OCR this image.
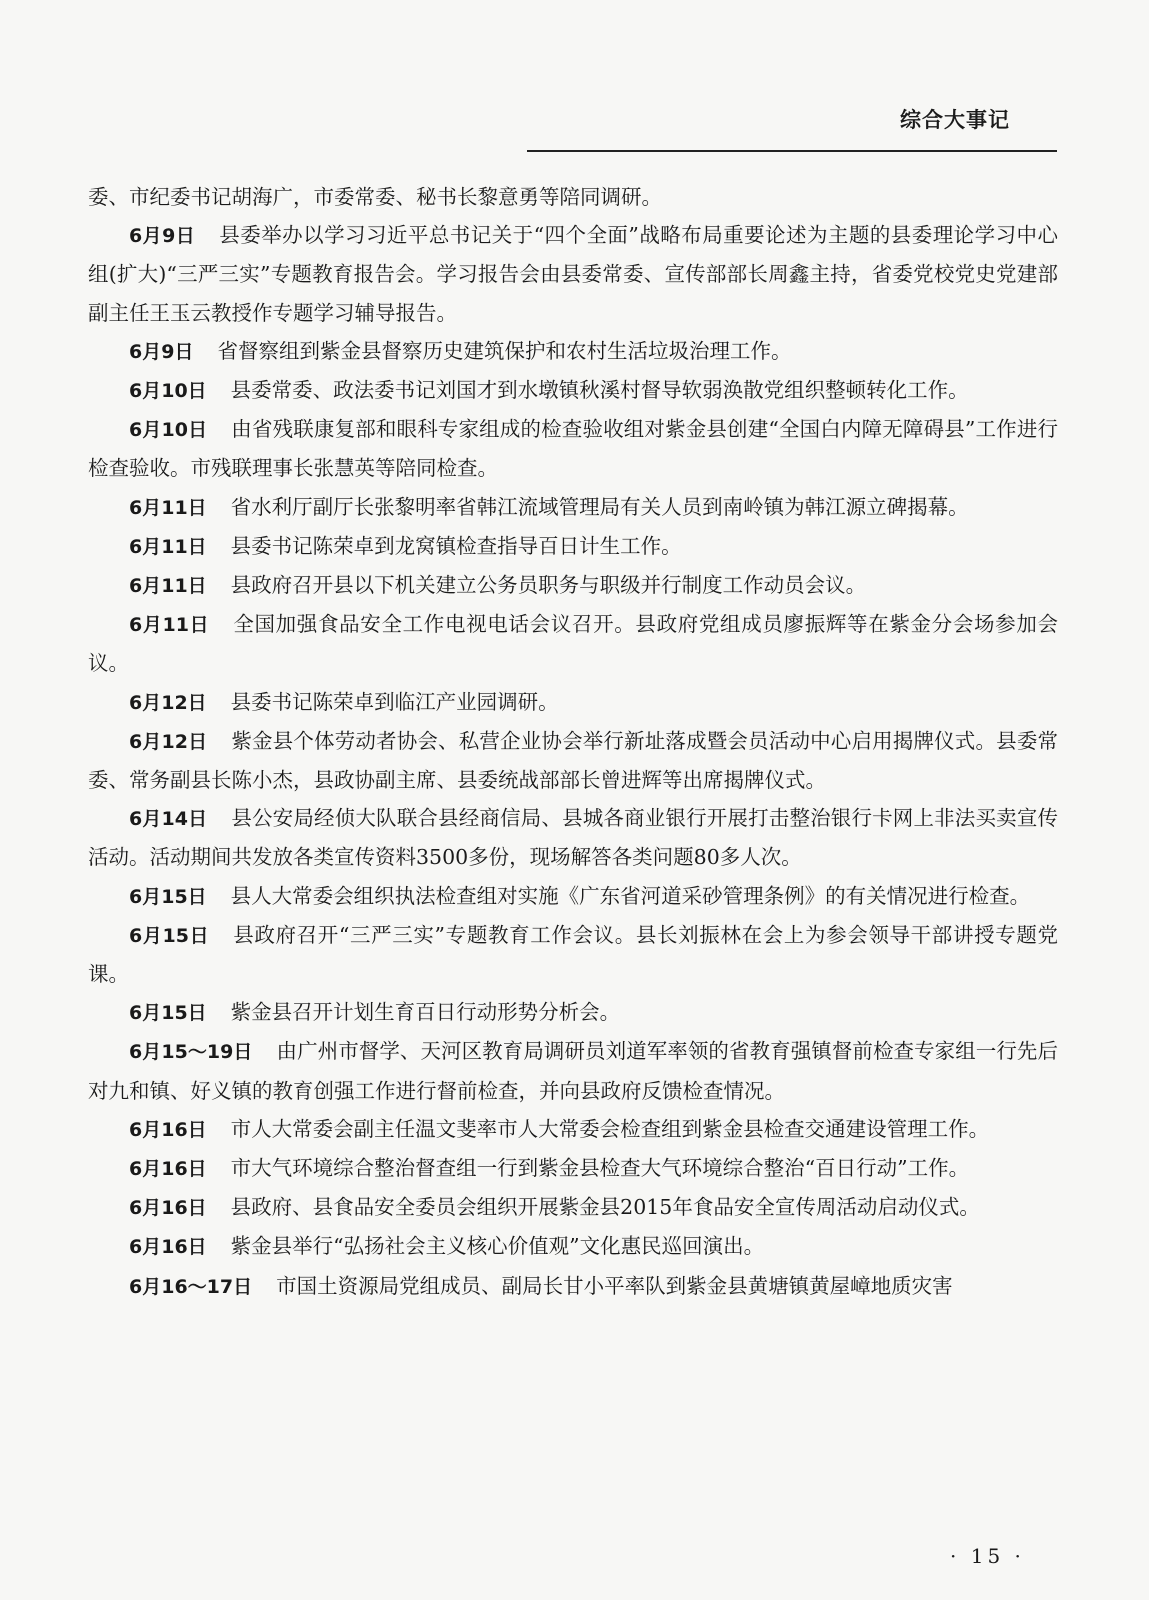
综合大事记

委、市纪委书记胡海广，市委常委、秘书长黎意勇等陪同调研。

6月9日 县委举办以学习习近平总书记关于“四个全面”战略布局重要论述为主题的县委理论学习中心组(扩大)“三严三实”专题教育报告会。学习报告会由县委常委、宣传部部长周鑫主持，省委党校党史党建部副主任王玉云教授作专题学习辅导报告。

6月9日 省督察组到紫金县督察历史建筑保护和农村生活垃圾治理工作。

6月10日 县委常委、政法委书记刘国才到水墩镇秋溪村督导软弱涣散党组织整顿转化工作。

6月10日 由省残联康复部和眼科专家组成的检查验收组对紫金县创建“全国白内障无障碍县”工作进行检查验收。市残联理事长张慧英等陪同检查。

6月11日 省水利厅副厅长张黎明率省韩江流域管理局有关人员到南岭镇为韩江源立碑揭幕。

6月11日 县委书记陈荣卓到龙窝镇检查指导百日计生工作。

6月11日 县政府召开县以下机关建立公务员职务与职级并行制度工作动员会议。

6月11日 全国加强食品安全工作电视电话会议召开。县政府党组成员廖振辉等在紫金分会场参加会议。

6月12日 县委书记陈荣卓到临江产业园调研。

6月12日 紫金县个体劳动者协会、私营企业协会举行新址落成暨会员活动中心启用揭牌仪式。县委常委、常务副县长陈小杰，县政协副主席、县委统战部部长曾进辉等出席揭牌仪式。

6月14日 县公安局经侦大队联合县经商信局、县城各商业银行开展打击整治银行卡网上非法买卖宣传活动。活动期间共发放各类宣传资料3500多份，现场解答各类问题80多人次。

6月15日 县人大常委会组织执法检查组对实施《广东省河道采砂管理条例》的有关情况进行检查。

6月15日 县政府召开“三严三实”专题教育工作会议。县长刘振林在会上为参会领导干部讲授专题党课。

6月15日 紫金县召开计划生育百日行动形势分析会。

6月15～19日 由广州市督学、天河区教育局调研员刘道军率领的省教育强镇督前检查专家组一行先后对九和镇、好义镇的教育创强工作进行督前检查，并向县政府反馈检查情况。

6月16日 市人大常委会副主任温文斐率市人大常委会检查组到紫金县检查交通建设管理工作。

6月16日 市大气环境综合整治督查组一行到紫金县检查大气环境综合整治“百日行动”工作。

6月16日 县政府、县食品安全委员会组织开展紫金县2015年食品安全宣传周活动启动仪式。

6月16日 紫金县举行“弘扬社会主义核心价值观”文化惠民巡回演出。

6月16～17日 市国土资源局党组成员、副局长甘小平率队到紫金县黄塘镇黄屋嶂地质灾害

· 15 ·
